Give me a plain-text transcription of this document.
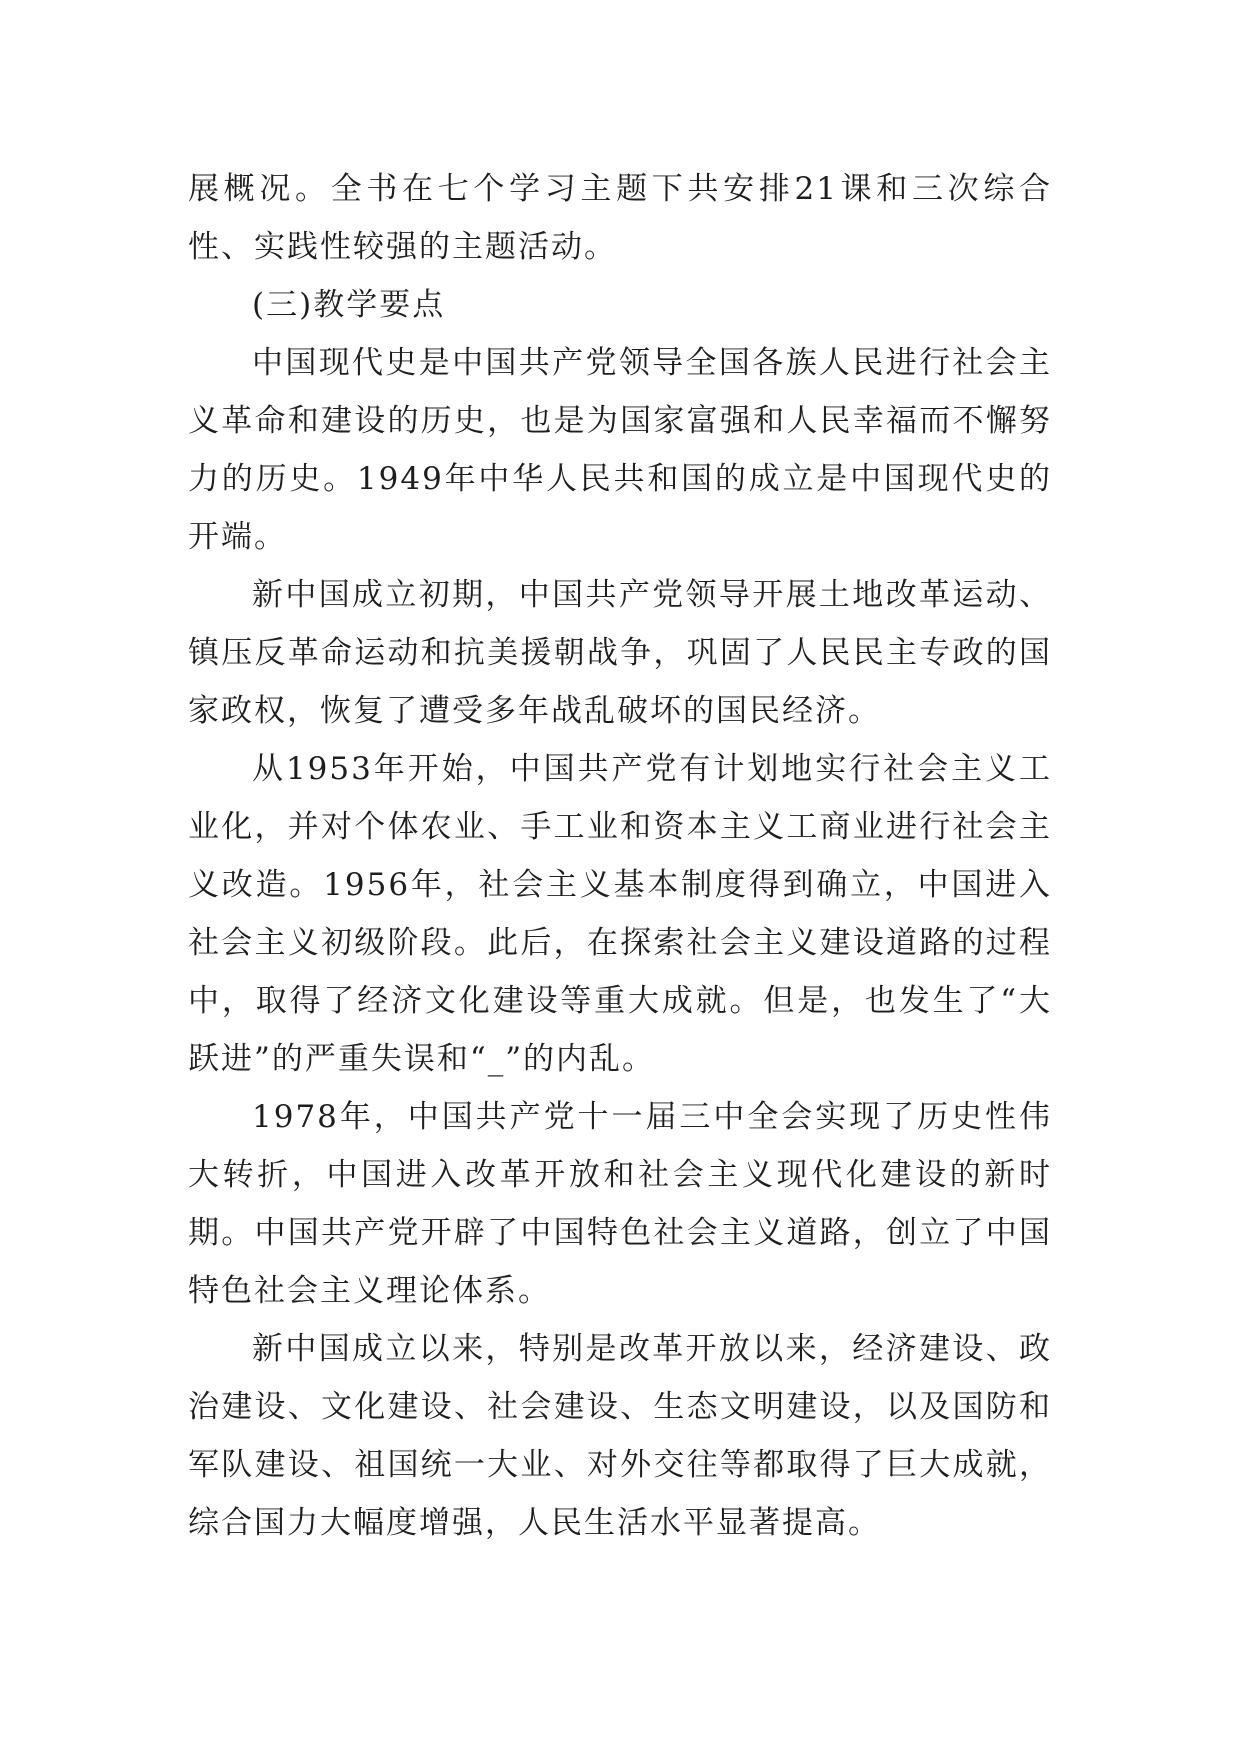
展概况。全书在七个学习主题下共安排21课和三次综合性、实践性较强的主题活动。

(三)教学要点

中国现代史是中国共产党领导全国各族人民进行社会主义革命和建设的历史，也是为国家富强和人民幸福而不懈努力的历史。1949年中华人民共和国的成立是中国现代史的开端。

新中国成立初期，中国共产党领导开展土地改革运动、镇压反革命运动和抗美援朝战争，巩固了人民民主专政的国家政权，恢复了遭受多年战乱破坏的国民经济。

从1953年开始，中国共产党有计划地实行社会主义工业化，并对个体农业、手工业和资本主义工商业进行社会主义改造。1956年，社会主义基本制度得到确立，中国进入社会主义初级阶段。此后，在探索社会主义建设道路的过程中，取得了经济文化建设等重大成就。但是，也发生了“大跃进”的严重失误和“_”的内乱。

1978年，中国共产党十一届三中全会实现了历史性伟大转折，中国进入改革开放和社会主义现代化建设的新时期。中国共产党开辟了中国特色社会主义道路，创立了中国特色社会主义理论体系。

新中国成立以来，特别是改革开放以来，经济建设、政治建设、文化建设、社会建设、生态文明建设，以及国防和军队建设、祖国统一大业、对外交往等都取得了巨大成就，综合国力大幅度增强，人民生活水平显著提高。
